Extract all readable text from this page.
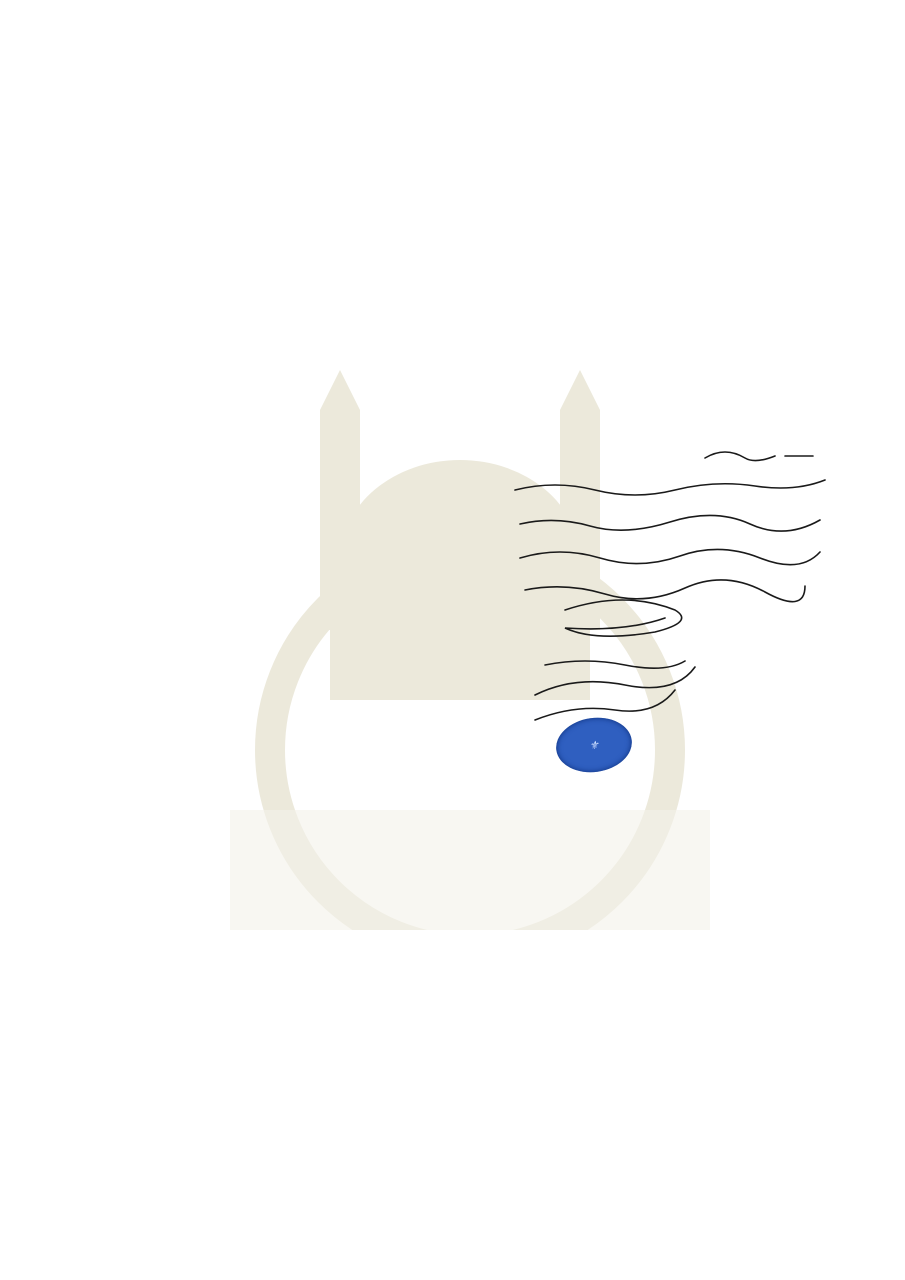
⚜
